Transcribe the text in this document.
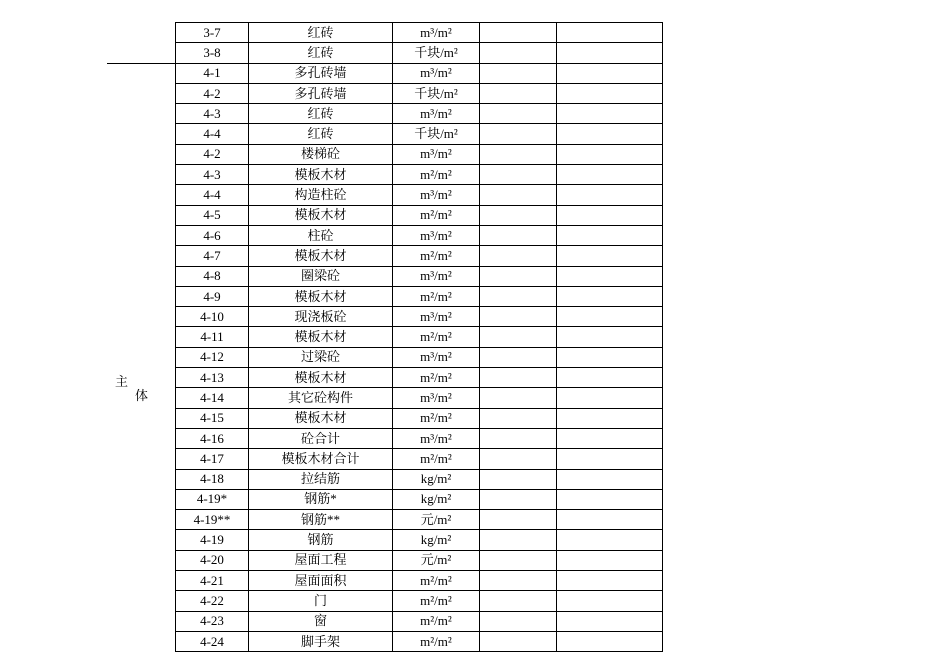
主
体
3-7	红砖	m³/m²		
3-8	红砖	千块/m²		
4-1	多孔砖墙	m³/m²		
4-2	多孔砖墙	千块/m²		
4-3	红砖	m³/m²		
4-4	红砖	千块/m²		
4-2	楼梯砼	m³/m²		
4-3	模板木材	m²/m²		
4-4	构造柱砼	m³/m²		
4-5	模板木材	m²/m²		
4-6	柱砼	m³/m²		
4-7	模板木材	m²/m²		
4-8	圈梁砼	m³/m²		
4-9	模板木材	m²/m²		
4-10	现浇板砼	m³/m²		
4-11	模板木材	m²/m²		
4-12	过梁砼	m³/m²		
4-13	模板木材	m²/m²		
4-14	其它砼构件	m³/m²		
4-15	模板木材	m²/m²		
4-16	砼合计	m³/m²		
4-17	模板木材合计	m²/m²		
4-18	拉结筋	kg/m²		
4-19*	钢筋*	kg/m²		
4-19**	钢筋**	元/m²		
4-19	钢筋	kg/m²		
4-20	屋面工程	元/m²		
4-21	屋面面积	m²/m²		
4-22	门	m²/m²		
4-23	窗	m²/m²		
4-24	脚手架	m²/m²		
